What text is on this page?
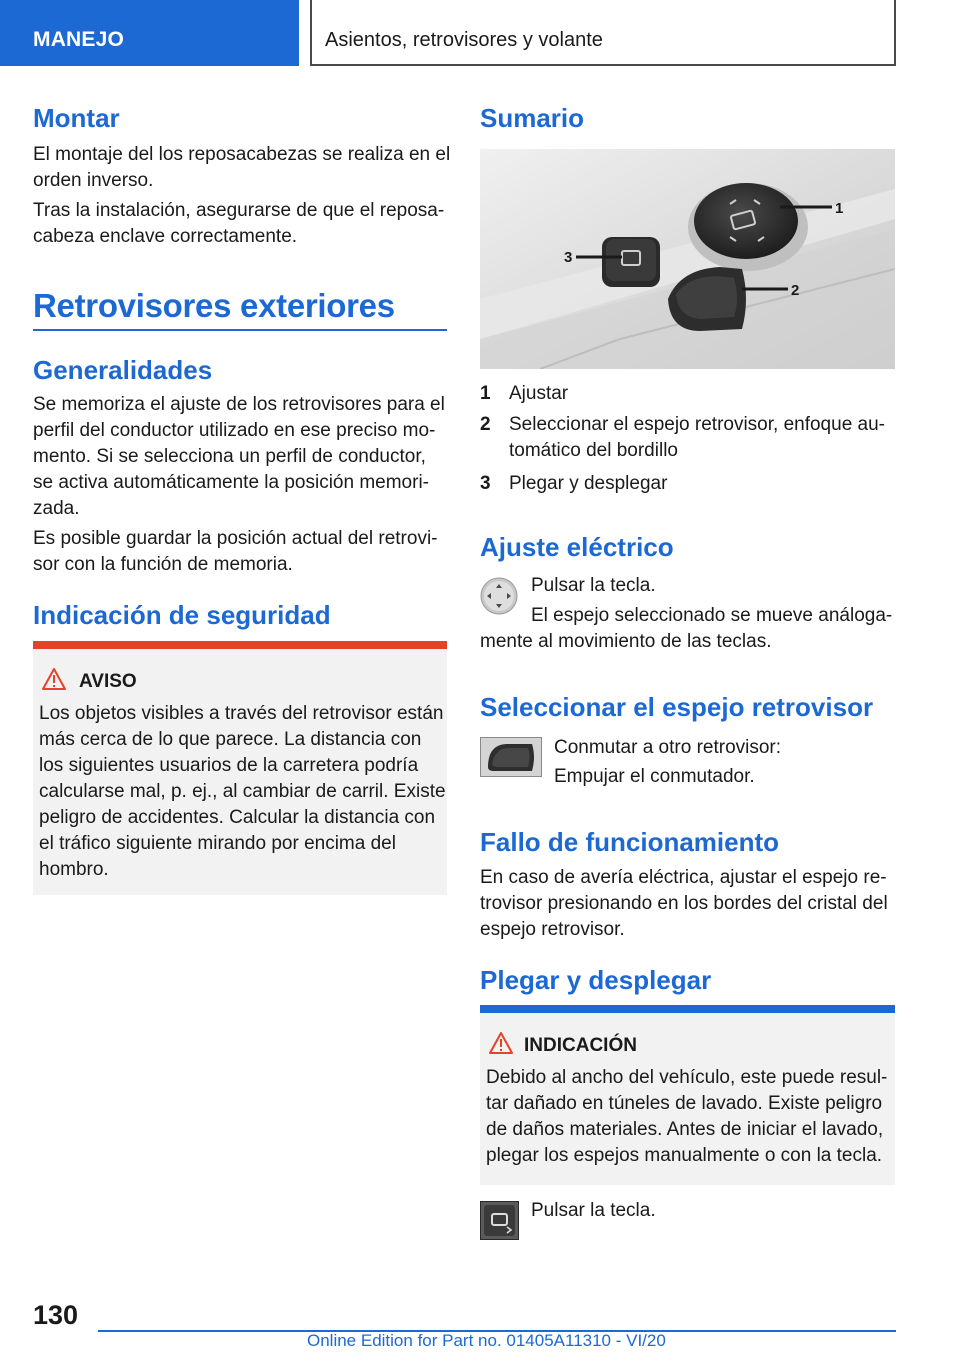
MANEJO	Asientos, retrovisores y volante
Montar
El montaje del los reposacabezas se realiza en el
orden inverso.
Tras la instalación, asegurarse de que el reposa‐
cabeza enclave correctamente.
Retrovisores exteriores
Generalidades
Se memoriza el ajuste de los retrovisores para el
perfil del conductor utilizado en ese preciso mo‐
mento. Si se selecciona un perfil de conductor,
se activa automáticamente la posición memori‐
zada.
Es posible guardar la posición actual del retrovi‐
sor con la función de memoria.
Indicación de seguridad
AVISO
Los objetos visibles a través del retrovisor están
más cerca de lo que parece. La distancia con
los siguientes usuarios de la carretera podría
calcularse mal, p. ej., al cambiar de carril. Existe
peligro de accidentes. Calcular la distancia con
el tráfico siguiente mirando por encima del
hombro.
Sumario
1
3
2
1 Ajustar
2 Seleccionar el espejo retrovisor, enfoque au‐
tomático del bordillo
3 Plegar y desplegar
Ajuste eléctrico
Pulsar la tecla.
El espejo seleccionado se mueve análoga‐
mente al movimiento de las teclas.
Seleccionar el espejo retrovisor
Conmutar a otro retrovisor:
Empujar el conmutador.
Fallo de funcionamiento
En caso de avería eléctrica, ajustar el espejo re‐
trovisor presionando en los bordes del cristal del
espejo retrovisor.
Plegar y desplegar
INDICACIÓN
Debido al ancho del vehículo, este puede resul‐
tar dañado en túneles de lavado. Existe peligro
de daños materiales. Antes de iniciar el lavado,
plegar los espejos manualmente o con la tecla.
Pulsar la tecla.
130
Online Edition for Part no. 01405A11310 - VI/20
